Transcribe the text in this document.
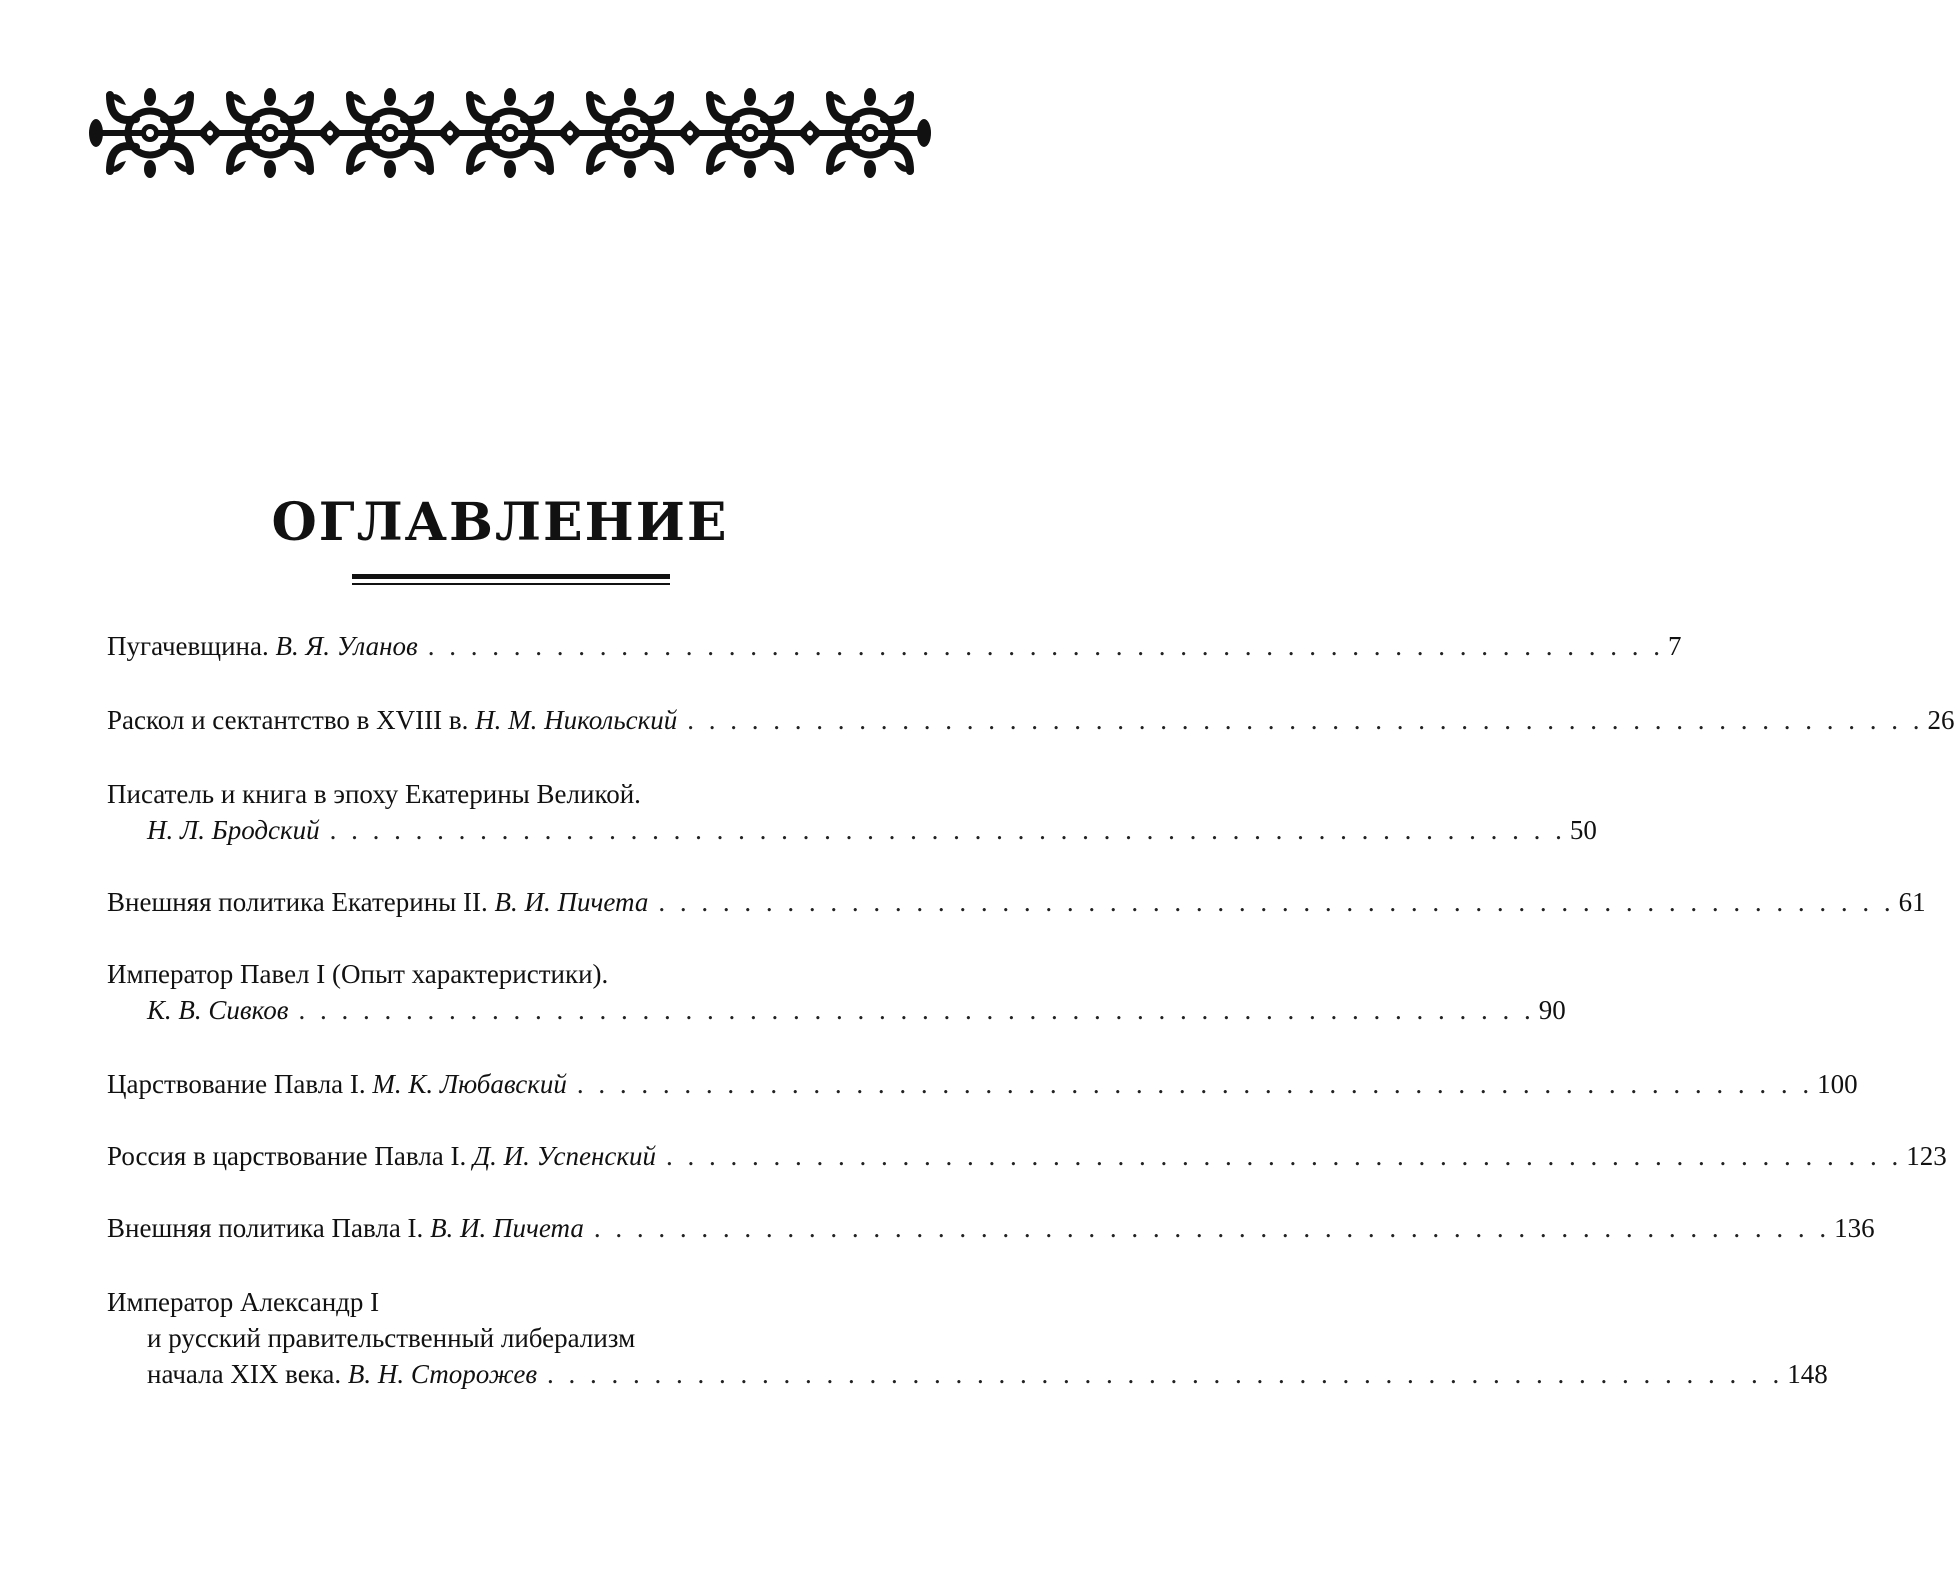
ОГЛАВЛЕНИЕ
Пугачевщина. В. Я. Уланов . . . . . . . . . . . . . . . . . . . . . . . . . . . . . . . . . . . . . . . . . . . . . . . . . . . . . . . . . . 7
Раскол и сектантство в XVIII в. Н. М. Никольский . . . . . . . . . . . . . . . . . . . . . . . . . . . . . . . . . . . . . . . . . . . . . . . . . . . . . . . . . . 26
Писатель и книга в эпоху Екатерины Великой.
Н. Л. Бродский . . . . . . . . . . . . . . . . . . . . . . . . . . . . . . . . . . . . . . . . . . . . . . . . . . . . . . . . . . 50
Внешняя политика Екатерины II. В. И. Пичета . . . . . . . . . . . . . . . . . . . . . . . . . . . . . . . . . . . . . . . . . . . . . . . . . . . . . . . . . . 61
Император Павел I (Опыт характеристики).
К. В. Сивков . . . . . . . . . . . . . . . . . . . . . . . . . . . . . . . . . . . . . . . . . . . . . . . . . . . . . . . . . . 90
Царствование Павла I. М. К. Любавский . . . . . . . . . . . . . . . . . . . . . . . . . . . . . . . . . . . . . . . . . . . . . . . . . . . . . . . . . . 100
Россия в царствование Павла I. Д. И. Успенский . . . . . . . . . . . . . . . . . . . . . . . . . . . . . . . . . . . . . . . . . . . . . . . . . . . . . . . . . . 123
Внешняя политика Павла I. В. И. Пичета . . . . . . . . . . . . . . . . . . . . . . . . . . . . . . . . . . . . . . . . . . . . . . . . . . . . . . . . . . 136
Император Александр I
и русский правительственный либерализм
начала XIX века. В. Н. Сторожев . . . . . . . . . . . . . . . . . . . . . . . . . . . . . . . . . . . . . . . . . . . . . . . . . . . . . . . . . . 148
